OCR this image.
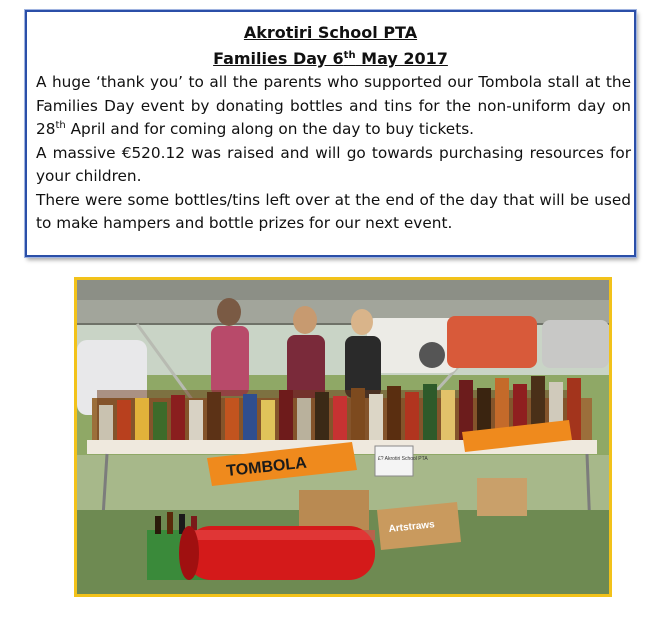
Akrotiri School PTA
Families Day 6th May 2017

A huge ‘thank you’ to all the parents who supported our Tombola stall at the Families Day event by donating bottles and tins for the non-uniform day on 28th April and for coming along on the day to buy tickets.

A massive €520.12 was raised and will go towards purchasing resources for your children.

There were some bottles/tins left over at the end of the day that will be used to make hampers and bottle prizes for our next event.

TOMBOLA	£? Akrotiri School PTA
Artstraws
